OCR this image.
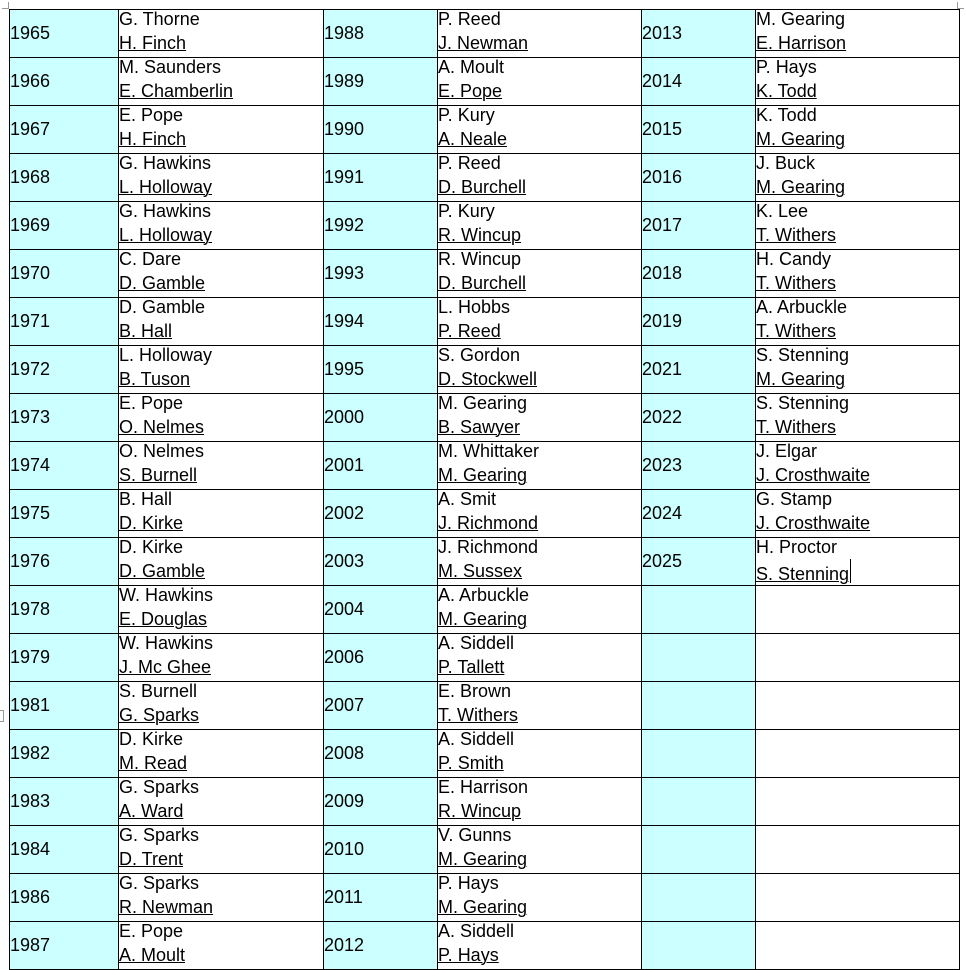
1965	G. Thorne
H. Finch	1988	P. Reed
J. Newman	2013	M. Gearing
E. Harrison

1966	M. Saunders
E. Chamberlin	1989	A. Moult
E. Pope	2014	P. Hays
K. Todd

1967	E. Pope
H. Finch	1990	P. Kury
A. Neale	2015	K. Todd
M. Gearing

1968	G. Hawkins
L. Holloway	1991	P. Reed
D. Burchell	2016	J. Buck
M. Gearing

1969	G. Hawkins
L. Holloway	1992	P. Kury
R. Wincup	2017	K. Lee
T. Withers

1970	C. Dare
D. Gamble	1993	R. Wincup
D. Burchell	2018	H. Candy
T. Withers

1971	D. Gamble
B. Hall	1994	L. Hobbs
P. Reed	2019	A. Arbuckle
T. Withers

1972	L. Holloway
B. Tuson	1995	S. Gordon
D. Stockwell	2021	S. Stenning
M. Gearing

1973	E. Pope
O. Nelmes	2000	M. Gearing
B. Sawyer	2022	S. Stenning
T. Withers

1974	O. Nelmes
S. Burnell	2001	M. Whittaker
M. Gearing	2023	J. Elgar
J. Crosthwaite

1975	B. Hall
D. Kirke	2002	A. Smit
J. Richmond	2024	G. Stamp
J. Crosthwaite

1976	D. Kirke
D. Gamble	2003	J. Richmond
M. Sussex	2025	H. Proctor
S. Stenning

1978	W. Hawkins
E. Douglas	2004	A. Arbuckle
M. Gearing		

1979	W. Hawkins
J. Mc Ghee	2006	A. Siddell
P. Tallett		

1981	S. Burnell
G. Sparks	2007	E. Brown
T. Withers		

1982	D. Kirke
M. Read	2008	A. Siddell
P. Smith		

1983	G. Sparks
A. Ward	2009	E. Harrison
R. Wincup		

1984	G. Sparks
D. Trent	2010	V. Gunns
M. Gearing		

1986	G. Sparks
R. Newman	2011	P. Hays
M. Gearing		

1987	E. Pope
A. Moult	2012	A. Siddell
P. Hays		
